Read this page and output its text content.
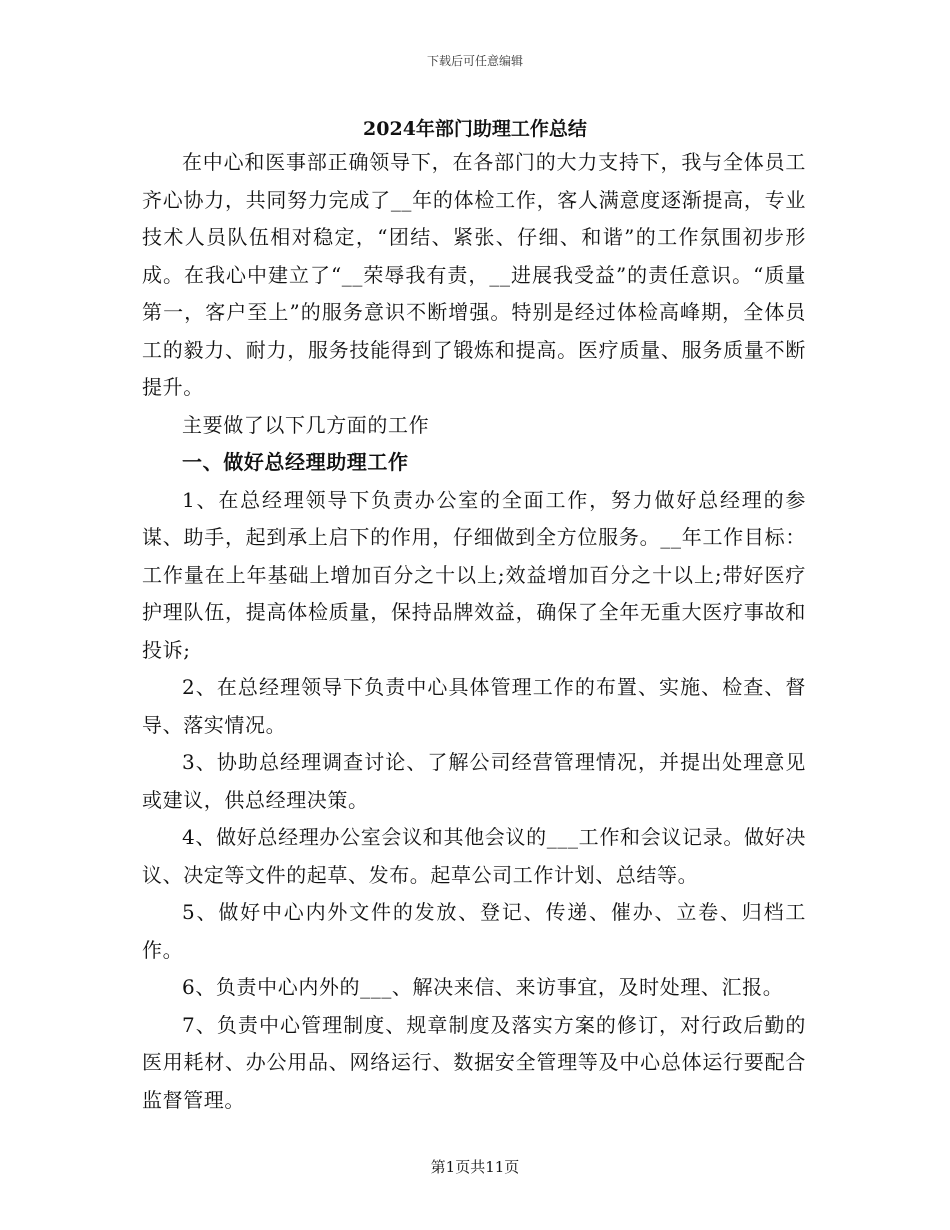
下载后可任意编辑
2024年部门助理工作总结

在中心和医事部正确领导下，在各部门的大力支持下，我与全体员工齐心协力，共同努力完成了__年的体检工作，客人满意度逐渐提高，专业技术人员队伍相对稳定，“团结、紧张、仔细、和谐”的工作氛围初步形成。在我心中建立了“__荣辱我有责，__进展我受益”的责任意识。“质量第一，客户至上”的服务意识不断增强。特别是经过体检高峰期，全体员工的毅力、耐力，服务技能得到了锻炼和提高。医疗质量、服务质量不断提升。

主要做了以下几方面的工作

一、做好总经理助理工作

1、在总经理领导下负责办公室的全面工作，努力做好总经理的参谋、助手，起到承上启下的作用，仔细做到全方位服务。__年工作目标：工作量在上年基础上增加百分之十以上;效益增加百分之十以上;带好医疗护理队伍，提高体检质量，保持品牌效益，确保了全年无重大医疗事故和投诉;

2、在总经理领导下负责中心具体管理工作的布置、实施、检查、督导、落实情况。

3、协助总经理调查讨论、了解公司经营管理情况，并提出处理意见或建议，供总经理决策。

4、做好总经理办公室会议和其他会议的___工作和会议记录。做好决议、决定等文件的起草、发布。起草公司工作计划、总结等。

5、做好中心内外文件的发放、登记、传递、催办、立卷、归档工作。

6、负责中心内外的___、解决来信、来访事宜，及时处理、汇报。

7、负责中心管理制度、规章制度及落实方案的修订，对行政后勤的医用耗材、办公用品、网络运行、数据安全管理等及中心总体运行要配合监督管理。

第1页共11页
